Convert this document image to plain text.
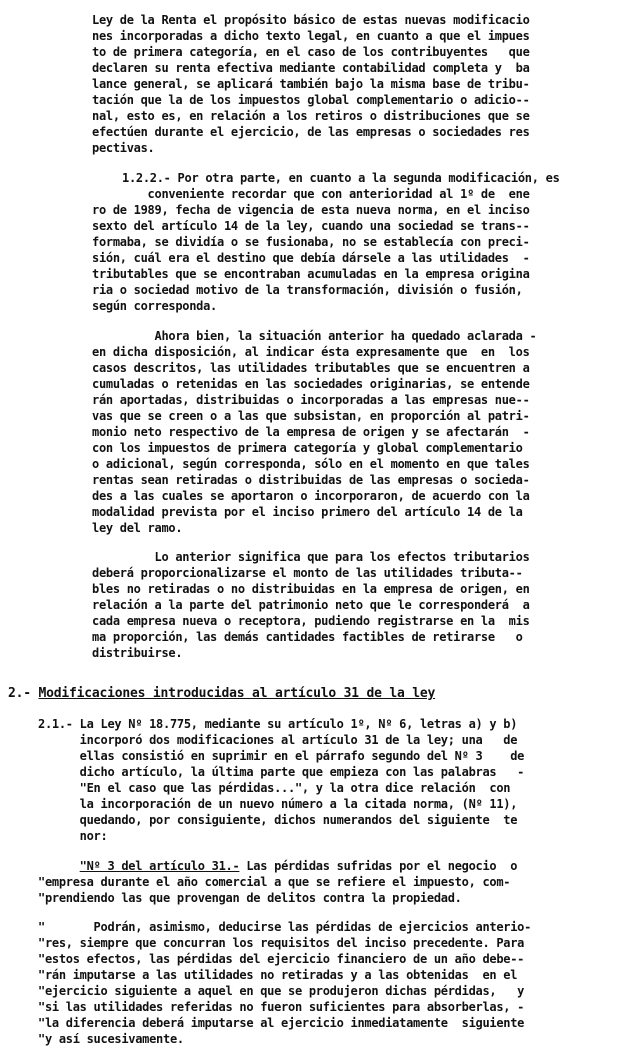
Ley de la Renta el propósito básico de estas nuevas modificacio
nes incorporadas a dicho texto legal, en cuanto a que el impues
to de primera categoría, en el caso de los contribuyentes   que
declaren su renta efectiva mediante contabilidad completa y  ba
lance general, se aplicará también bajo la misma base de tribu-
tación que la de los impuestos global complementario o adicio--
nal, esto es, en relación a los retiros o distribuciones que se
efectúen durante el ejercicio, de las empresas o sociedades res
pectivas.
1.2.2.- Por otra parte, en cuanto a la segunda modificación, es
conveniente recordar que con anterioridad al 1º de  ene
ro de 1989, fecha de vigencia de esta nueva norma, en el inciso
sexto del artículo 14 de la ley, cuando una sociedad se trans--
formaba, se dividía o se fusionaba, no se establecía con preci-
sión, cuál era el destino que debía dársele a las utilidades  -
tributables que se encontraban acumuladas en la empresa origina
ria o sociedad motivo de la transformación, división o fusión,
según corresponda.
Ahora bien, la situación anterior ha quedado aclarada -
en dicha disposición, al indicar ésta expresamente que  en  los
casos descritos, las utilidades tributables que se encuentren a
cumuladas o retenidas en las sociedades originarias, se entende
rán aportadas, distribuidas o incorporadas a las empresas nue--
vas que se creen o a las que subsistan, en proporción al patri-
monio neto respectivo de la empresa de origen y se afectarán  -
con los impuestos de primera categoría y global complementario
o adicional, según corresponda, sólo en el momento en que tales
rentas sean retiradas o distribuidas de las empresas o socieda-
des a las cuales se aportaron o incorporaron, de acuerdo con la
modalidad prevista por el inciso primero del artículo 14 de la
ley del ramo.
Lo anterior significa que para los efectos tributarios
deberá proporcionalizarse el monto de las utilidades tributa--
bles no retiradas o no distribuidas en la empresa de origen, en
relación a la parte del patrimonio neto que le corresponderá  a
cada empresa nueva o receptora, pudiendo registrarse en la  mis
ma proporción, las demás cantidades factibles de retirarse   o
distribuirse.
2.- Modificaciones introducidas al artículo 31 de la ley
2.1.- La Ley Nº 18.775, mediante su artículo 1º, Nº 6, letras a) y b)
incorporó dos modificaciones al artículo 31 de la ley; una   de
ellas consistió en suprimir en el párrafo segundo del Nº 3    de
dicho artículo, la última parte que empieza con las palabras   -
"En el caso que las pérdidas...", y la otra dice relación  con
la incorporación de un nuevo número a la citada norma, (Nº 11),
quedando, por consiguiente, dichos numerandos del siguiente  te
nor:
"Nº 3 del artículo 31.- Las pérdidas sufridas por el negocio  o
"empresa durante el año comercial a que se refiere el impuesto, com-
"prendiendo las que provengan de delitos contra la propiedad.
"       Podrán, asimismo, deducirse las pérdidas de ejercicios anterio-
"res, siempre que concurran los requisitos del inciso precedente. Para
"estos efectos, las pérdidas del ejercicio financiero de un año debe--
"rán imputarse a las utilidades no retiradas y a las obtenidas  en el
"ejercicio siguiente a aquel en que se produjeron dichas pérdidas,   y
"si las utilidades referidas no fueron suficientes para absorberlas, -
"la diferencia deberá imputarse al ejercicio inmediatamente  siguiente
"y así sucesivamente.
